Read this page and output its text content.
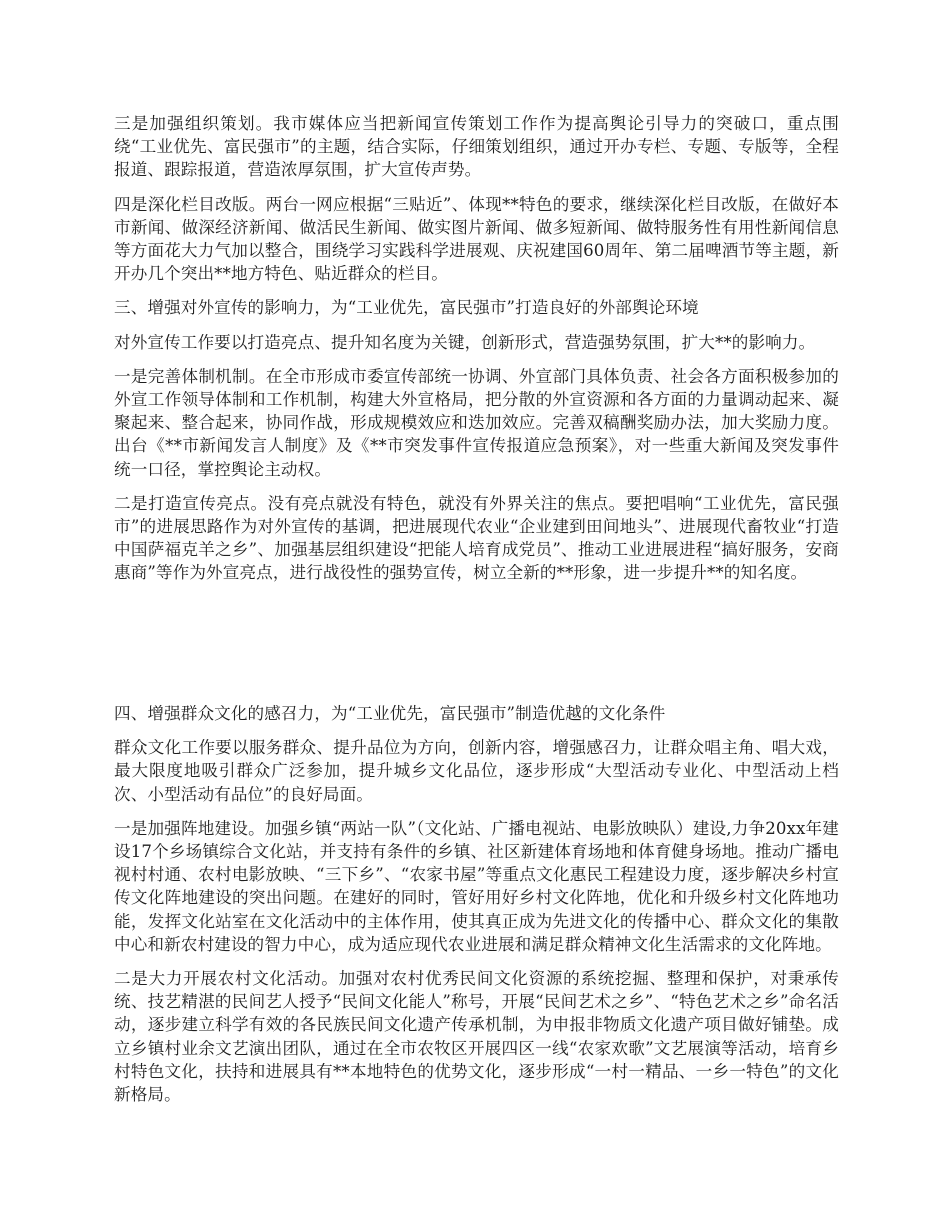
三是加强组织策划。我市媒体应当把新闻宣传策划工作作为提高舆论引导力的突破口，重点围绕“工业优先、富民强市”的主题，结合实际，仔细策划组织，通过开办专栏、专题、专版等，全程报道、跟踪报道，营造浓厚氛围，扩大宣传声势。

四是深化栏目改版。两台一网应根据“三贴近”、体现**特色的要求，继续深化栏目改版，在做好本市新闻、做深经济新闻、做活民生新闻、做实图片新闻、做多短新闻、做特服务性有用性新闻信息等方面花大力气加以整合，围绕学习实践科学进展观、庆祝建国60周年、第二届啤酒节等主题，新开办几个突出**地方特色、贴近群众的栏目。

三、增强对外宣传的影响力，为“工业优先，富民强市”打造良好的外部舆论环境

对外宣传工作要以打造亮点、提升知名度为关键，创新形式，营造强势氛围，扩大**的影响力。

一是完善体制机制。在全市形成市委宣传部统一协调、外宣部门具体负责、社会各方面积极参加的外宣工作领导体制和工作机制，构建大外宣格局，把分散的外宣资源和各方面的力量调动起来、凝聚起来、整合起来，协同作战，形成规模效应和迭加效应。完善双稿酬奖励办法，加大奖励力度。出台《**市新闻发言人制度》及《**市突发事件宣传报道应急预案》，对一些重大新闻及突发事件统一口径，掌控舆论主动权。

二是打造宣传亮点。没有亮点就没有特色，就没有外界关注的焦点。要把唱响“工业优先，富民强市”的进展思路作为对外宣传的基调，把进展现代农业“企业建到田间地头”、进展现代畜牧业“打造中国萨福克羊之乡”、加强基层组织建设“把能人培育成党员”、推动工业进展进程“搞好服务，安商惠商”等作为外宣亮点，进行战役性的强势宣传，树立全新的**形象，进一步提升**的知名度。

四、增强群众文化的感召力，为“工业优先，富民强市”制造优越的文化条件

群众文化工作要以服务群众、提升品位为方向，创新内容，增强感召力，让群众唱主角、唱大戏，最大限度地吸引群众广泛参加，提升城乡文化品位，逐步形成“大型活动专业化、中型活动上档次、小型活动有品位”的良好局面。

一是加强阵地建设。加强乡镇“两站一队”（文化站、广播电视站、电影放映队）建设,力争20xx年建设17个乡场镇综合文化站，并支持有条件的乡镇、社区新建体育场地和体育健身场地。推动广播电视村村通、农村电影放映、“三下乡”、“农家书屋”等重点文化惠民工程建设力度，逐步解决乡村宣传文化阵地建设的突出问题。在建好的同时，管好用好乡村文化阵地，优化和升级乡村文化阵地功能，发挥文化站室在文化活动中的主体作用，使其真正成为先进文化的传播中心、群众文化的集散中心和新农村建设的智力中心，成为适应现代农业进展和满足群众精神文化生活需求的文化阵地。

二是大力开展农村文化活动。加强对农村优秀民间文化资源的系统挖掘、整理和保护，对秉承传统、技艺精湛的民间艺人授予“民间文化能人”称号，开展“民间艺术之乡”、“特色艺术之乡”命名活动，逐步建立科学有效的各民族民间文化遗产传承机制，为申报非物质文化遗产项目做好铺垫。成立乡镇村业余文艺演出团队，通过在全市农牧区开展四区一线“农家欢歌”文艺展演等活动，培育乡村特色文化，扶持和进展具有**本地特色的优势文化，逐步形成“一村一精品、一乡一特色”的文化新格局。
